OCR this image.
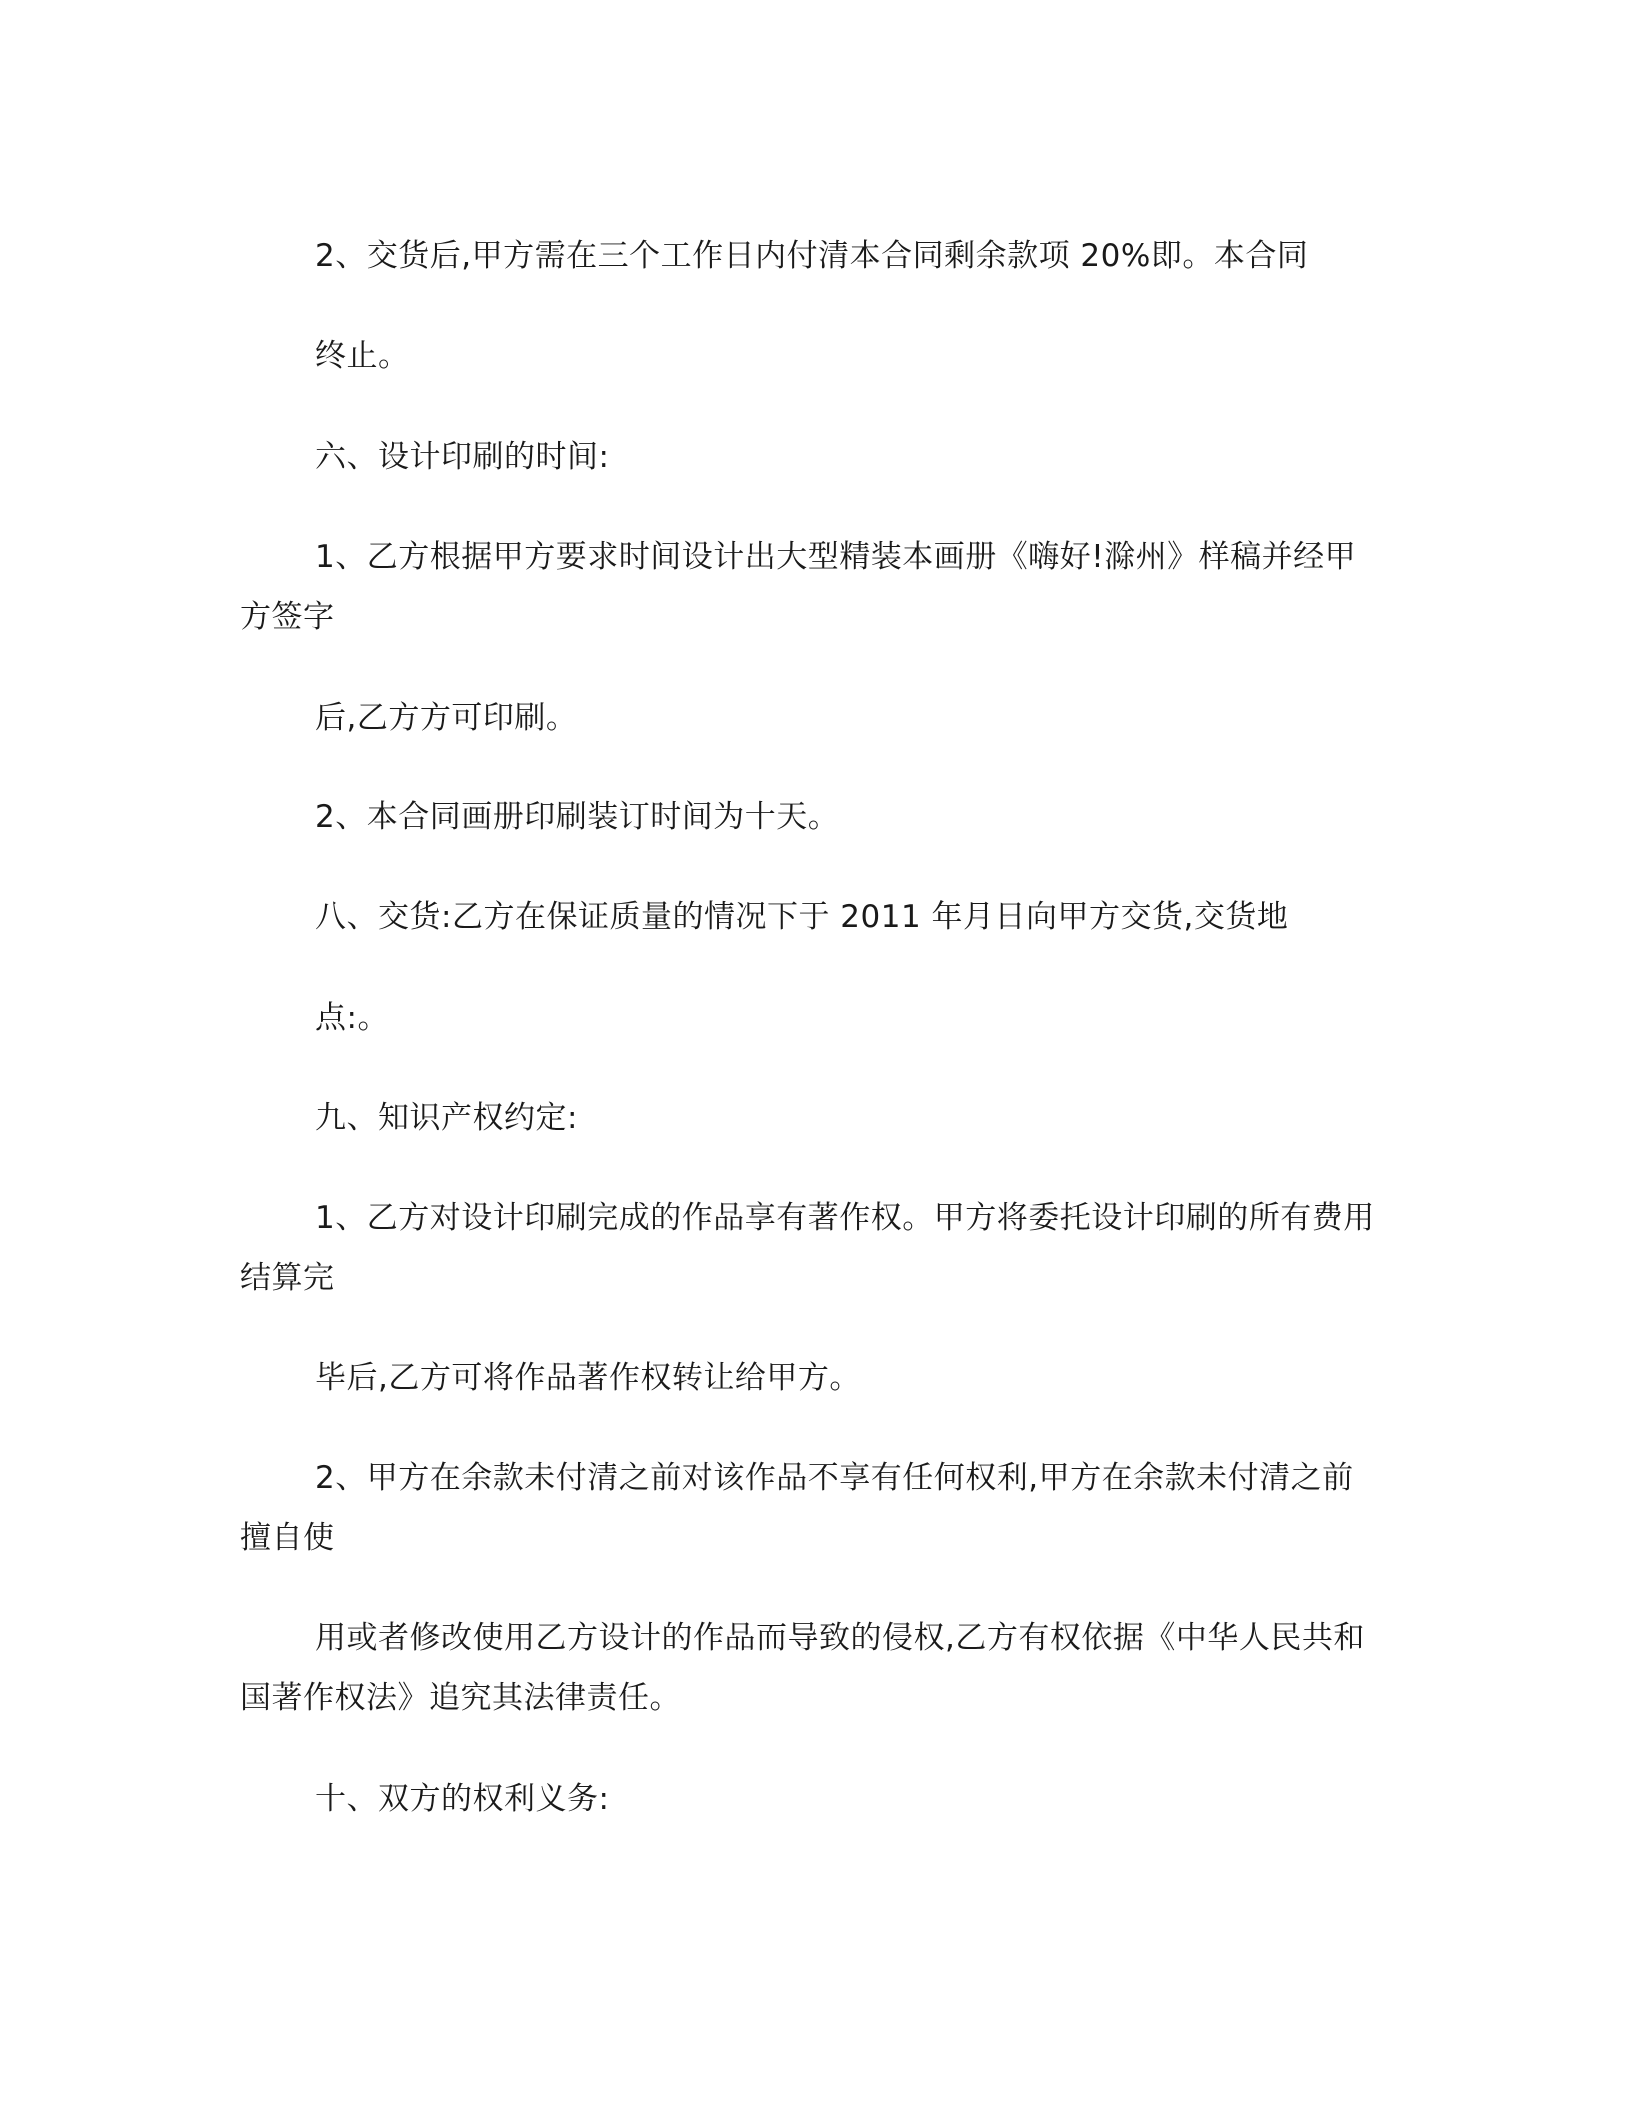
2、交货后,甲方需在三个工作日内付清本合同剩余款项 20%即。本合同
终止。
六、设计印刷的时间:
1、乙方根据甲方要求时间设计出大型精装本画册《嗨好!滁州》样稿并经甲
方签字
后,乙方方可印刷。
2、本合同画册印刷装订时间为十天。
八、交货:乙方在保证质量的情况下于 2011 年月日向甲方交货,交货地
点:。
九、知识产权约定:
1、乙方对设计印刷完成的作品享有著作权。甲方将委托设计印刷的所有费用
结算完
毕后,乙方可将作品著作权转让给甲方。
2、甲方在余款未付清之前对该作品不享有任何权利,甲方在余款未付清之前
擅自使
用或者修改使用乙方设计的作品而导致的侵权,乙方有权依据《中华人民共和
国著作权法》追究其法律责任。
十、双方的权利义务:
